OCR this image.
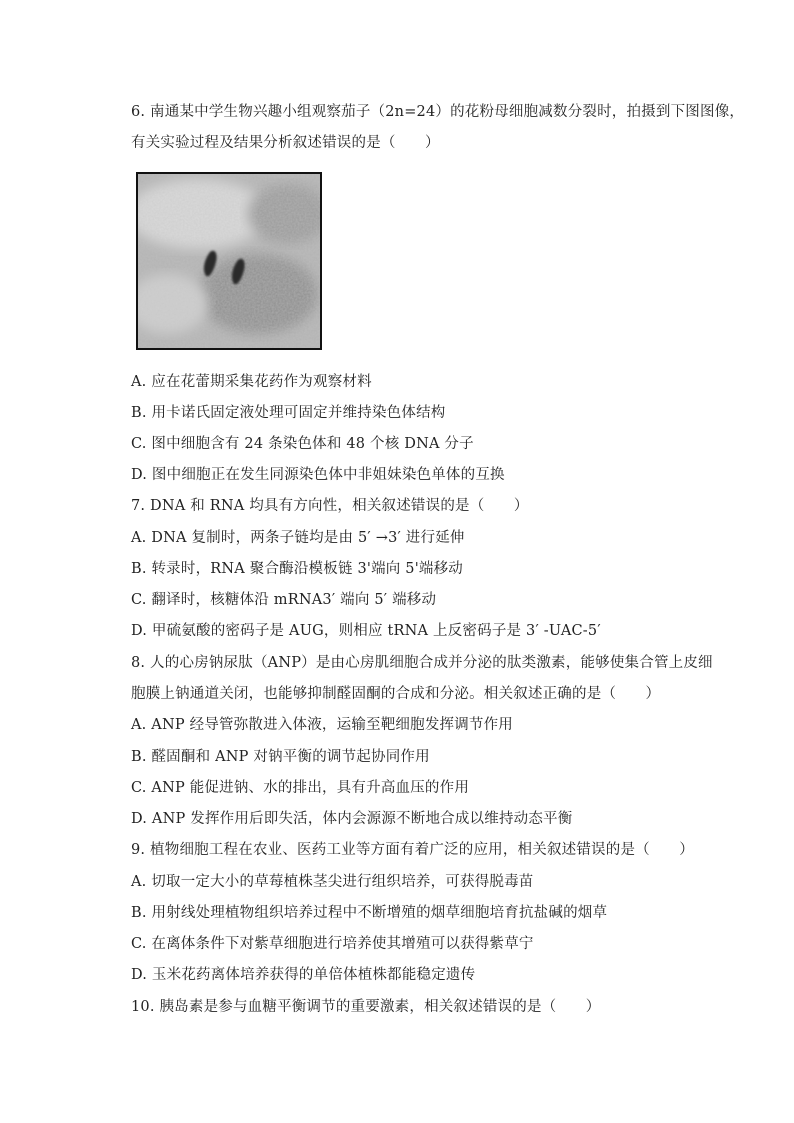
6. 南通某中学生物兴趣小组观察茄子（2n=24）的花粉母细胞减数分裂时，拍摄到下图图像，
有关实验过程及结果分析叙述错误的是（　　）
A. 应在花蕾期采集花药作为观察材料
B. 用卡诺氏固定液处理可固定并维持染色体结构
C. 图中细胞含有 24 条染色体和 48 个核 DNA 分子
D. 图中细胞正在发生同源染色体中非姐妹染色单体的互换
7. DNA 和 RNA 均具有方向性，相关叙述错误的是（　　）
A. DNA 复制时，两条子链均是由 5′ →3′ 进行延伸
B. 转录时，RNA 聚合酶沿模板链 3'端向 5'端移动
C. 翻译时，核糖体沿 mRNA3′ 端向 5′ 端移动
D. 甲硫氨酸的密码子是 AUG，则相应 tRNA 上反密码子是 3′ -UAC-5′
8. 人的心房钠尿肽（ANP）是由心房肌细胞合成并分泌的肽类激素，能够使集合管上皮细
胞膜上钠通道关闭，也能够抑制醛固酮的合成和分泌。相关叙述正确的是（　　）
A. ANP 经导管弥散进入体液，运输至靶细胞发挥调节作用
B. 醛固酮和 ANP 对钠平衡的调节起协同作用
C. ANP 能促进钠、水的排出，具有升高血压的作用
D. ANP 发挥作用后即失活，体内会源源不断地合成以维持动态平衡
9. 植物细胞工程在农业、医药工业等方面有着广泛的应用，相关叙述错误的是（　　）
A. 切取一定大小的草莓植株茎尖进行组织培养，可获得脱毒苗
B. 用射线处理植物组织培养过程中不断增殖的烟草细胞培育抗盐碱的烟草
C. 在离体条件下对紫草细胞进行培养使其增殖可以获得紫草宁
D. 玉米花药离体培养获得的单倍体植株都能稳定遗传
10. 胰岛素是参与血糖平衡调节的重要激素，相关叙述错误的是（　　）
